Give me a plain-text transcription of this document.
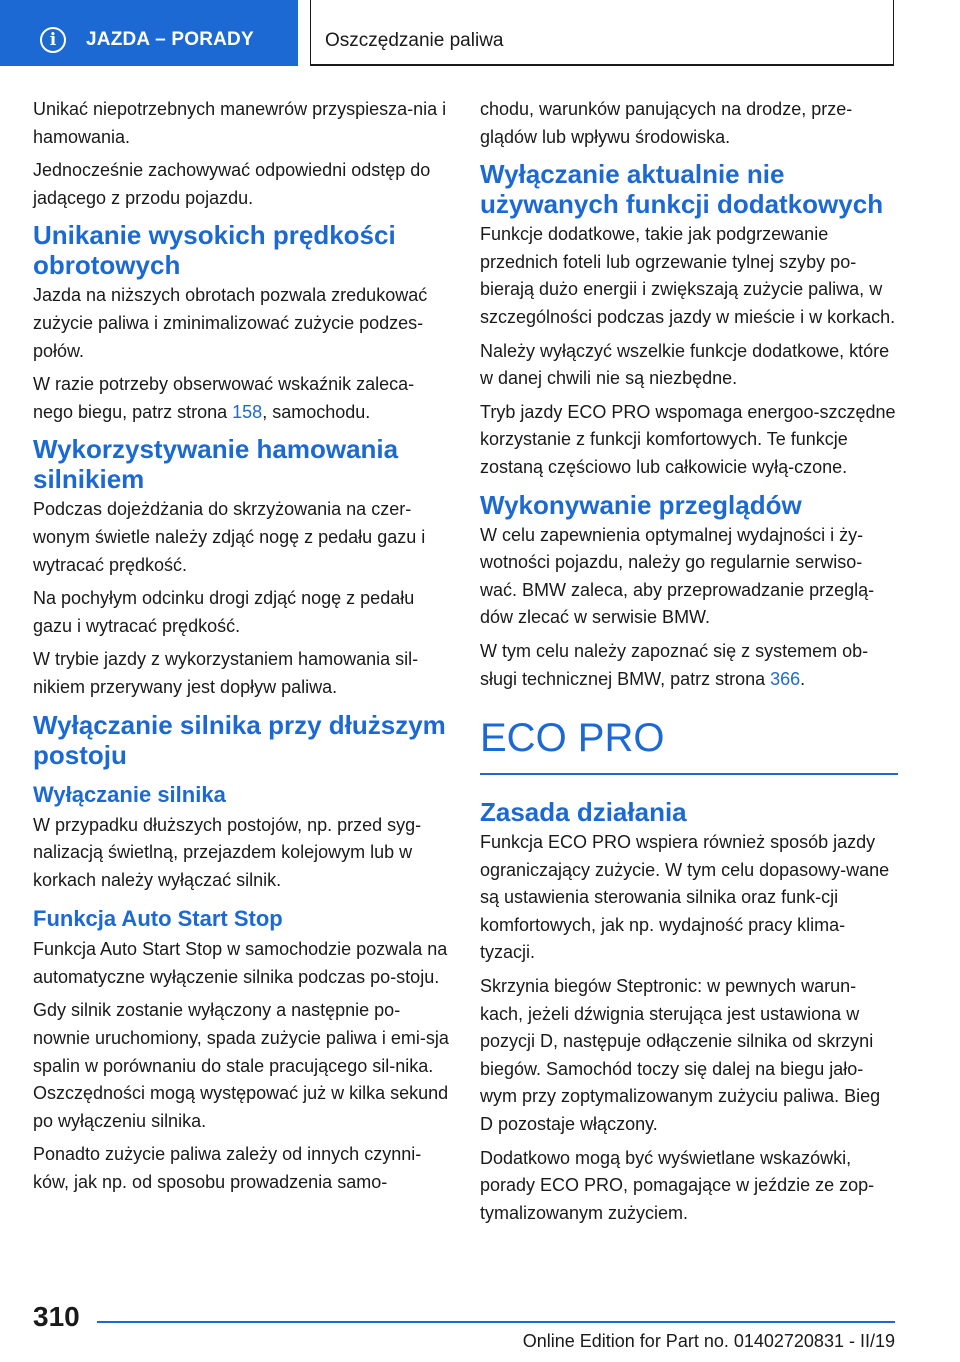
i	JAZDA – PORADY	Oszczędzanie paliwa

Unikać niepotrzebnych manewrów przyspiesza-nia i hamowania.

Jednocześnie zachowywać odpowiedni odstęp do jadącego z przodu pojazdu.

Unikanie wysokich prędkości obrotowych

Jazda na niższych obrotach pozwala zredukować zużycie paliwa i zminimalizować zużycie podzes-połów.

W razie potrzeby obserwować wskaźnik zaleca-nego biegu, patrz strona 158, samochodu.

Wykorzystywanie hamowania silnikiem

Podczas dojeżdżania do skrzyżowania na czer-wonym świetle należy zdjąć nogę z pedału gazu i wytracać prędkość.

Na pochyłym odcinku drogi zdjąć nogę z pedału gazu i wytracać prędkość.

W trybie jazdy z wykorzystaniem hamowania sil-nikiem przerywany jest dopływ paliwa.

Wyłączanie silnika przy dłuższym postoju
Wyłączanie silnika

W przypadku dłuższych postojów, np. przed syg-nalizacją świetlną, przejazdem kolejowym lub w korkach należy wyłączać silnik.

Funkcja Auto Start Stop

Funkcja Auto Start Stop w samochodzie pozwala na automatyczne wyłączenie silnika podczas po-stoju.

Gdy silnik zostanie wyłączony a następnie po-nownie uruchomiony, spada zużycie paliwa i emi-sja spalin w porównaniu do stale pracującego sil-nika. Oszczędności mogą występować już w kilka sekund po wyłączeniu silnika.

Ponadto zużycie paliwa zależy od innych czynni-ków, jak np. od sposobu prowadzenia samo-

chodu, warunków panujących na drodze, prze-glądów lub wpływu środowiska.

Wyłączanie aktualnie nie używanych funkcji dodatkowych

Funkcje dodatkowe, takie jak podgrzewanie przednich foteli lub ogrzewanie tylnej szyby po-bierają dużo energii i zwiększają zużycie paliwa, w szczególności podczas jazdy w mieście i w korkach.

Należy wyłączyć wszelkie funkcje dodatkowe, które w danej chwili nie są niezbędne.

Tryb jazdy ECO PRO wspomaga energoo-szczędne korzystanie z funkcji komfortowych. Te funkcje zostaną częściowo lub całkowicie wyłą-czone.

Wykonywanie przeglądów

W celu zapewnienia optymalnej wydajności i ży-wotności pojazdu, należy go regularnie serwiso-wać. BMW zaleca, aby przeprowadzanie przeglą-dów zlecać w serwisie BMW.

W tym celu należy zapoznać się z systemem ob-sługi technicznej BMW, patrz strona 366.

ECO PRO
Zasada działania

Funkcja ECO PRO wspiera również sposób jazdy ograniczający zużycie. W tym celu dopasowy-wane są ustawienia sterowania silnika oraz funk-cji komfortowych, jak np. wydajność pracy klima-tyzacji.

Skrzynia biegów Steptronic: w pewnych warun-kach, jeżeli dźwignia sterująca jest ustawiona w pozycji D, następuje odłączenie silnika od skrzyni biegów. Samochód toczy się dalej na biegu jało-wym przy zoptymalizowanym zużyciu paliwa. Bieg D pozostaje włączony.

Dodatkowo mogą być wyświetlane wskazówki, porady ECO PRO, pomagające w jeździe ze zop-tymalizowanym zużyciem.

310
Online Edition for Part no. 01402720831 - II/19
